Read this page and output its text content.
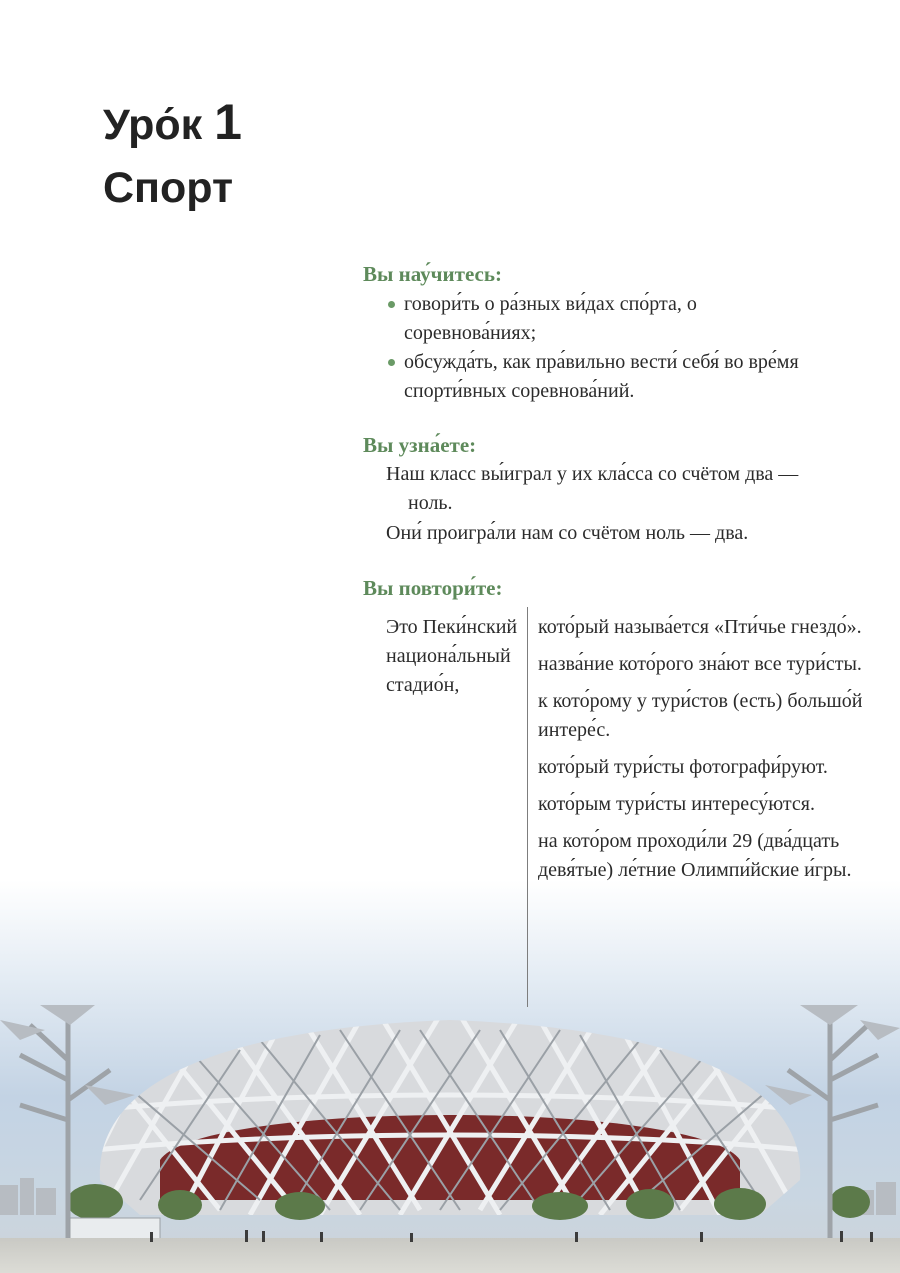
Уро́к 1
Спорт
Вы нау́читесь:
говори́ть о ра́зных ви́дах спо́рта, о соревнова́ниях;
обсужда́ть, как пра́вильно вести́ себя́ во вре́мя спорти́вных соревнова́ний.
Вы узна́ете:
Наш класс вы́играл у их кла́сса со счётом два — ноль.
Они́ проигра́ли нам со счётом ноль — два.
Вы повтори́те:
Это Пеки́нский национа́льный стадио́н,
кото́рый называ́ется «Пти́чье гнездо́».
назва́ние кото́рого зна́ют все тури́сты.
к кото́рому у тури́стов (есть) большо́й интере́с.
кото́рый тури́сты фотографи́руют.
кото́рым тури́сты интересу́ются.
на кото́ром проходи́ли 29 (два́дцать девя́тые) ле́тние Олимпи́йские и́гры.
